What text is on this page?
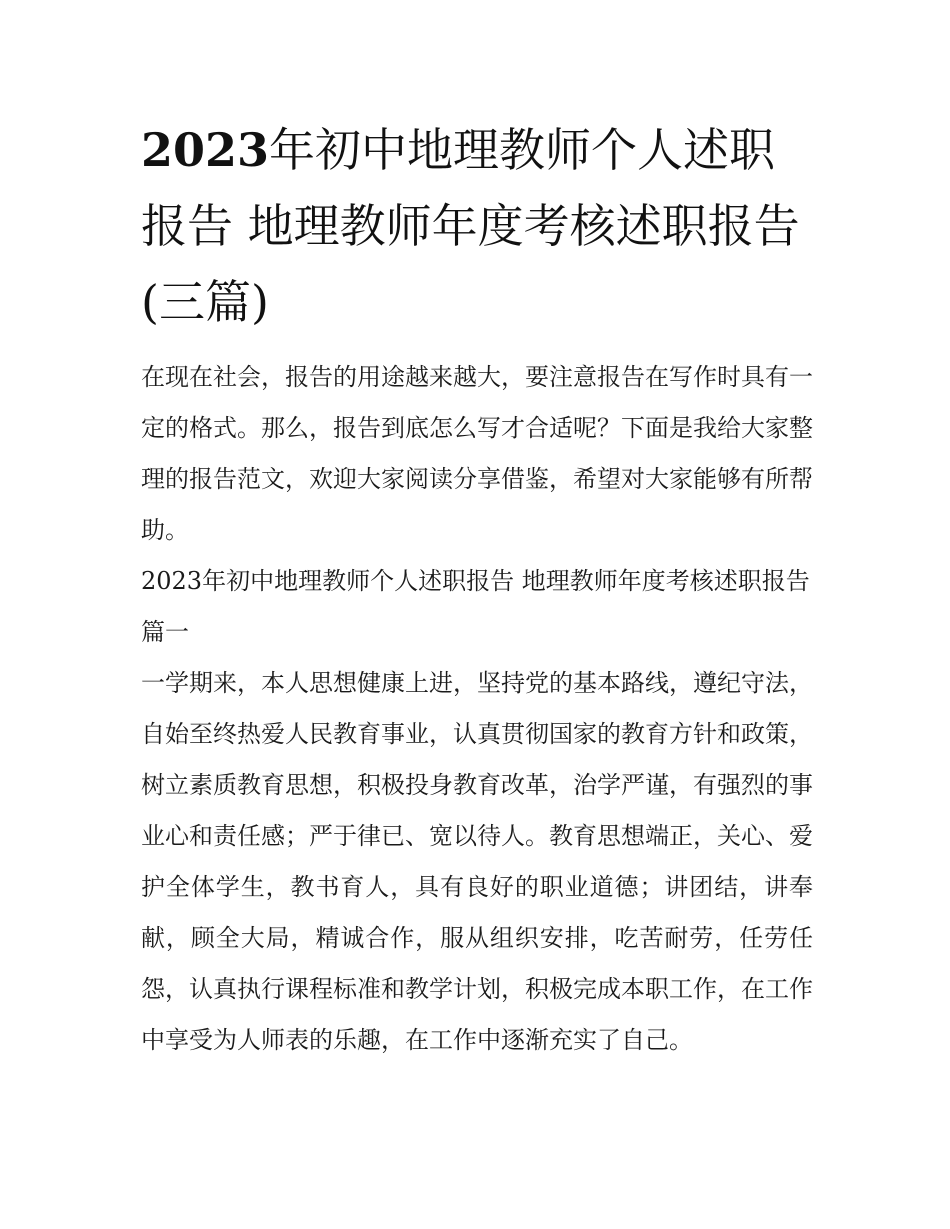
2023年初中地理教师个人述职报告 地理教师年度考核述职报告(三篇)

在现在社会，报告的用途越来越大，要注意报告在写作时具有一定的格式。那么，报告到底怎么写才合适呢？下面是我给大家整理的报告范文，欢迎大家阅读分享借鉴，希望对大家能够有所帮助。

2023年初中地理教师个人述职报告 地理教师年度考核述职报告篇一

一学期来，本人思想健康上进，坚持党的基本路线，遵纪守法，自始至终热爱人民教育事业，认真贯彻国家的教育方针和政策，树立素质教育思想，积极投身教育改革，治学严谨，有强烈的事业心和责任感；严于律已、宽以待人。教育思想端正，关心、爱护全体学生，教书育人，具有良好的职业道德；讲团结，讲奉献，顾全大局，精诚合作，服从组织安排，吃苦耐劳，任劳任怨，认真执行课程标准和教学计划，积极完成本职工作，在工作中享受为人师表的乐趣，在工作中逐渐充实了自己。
